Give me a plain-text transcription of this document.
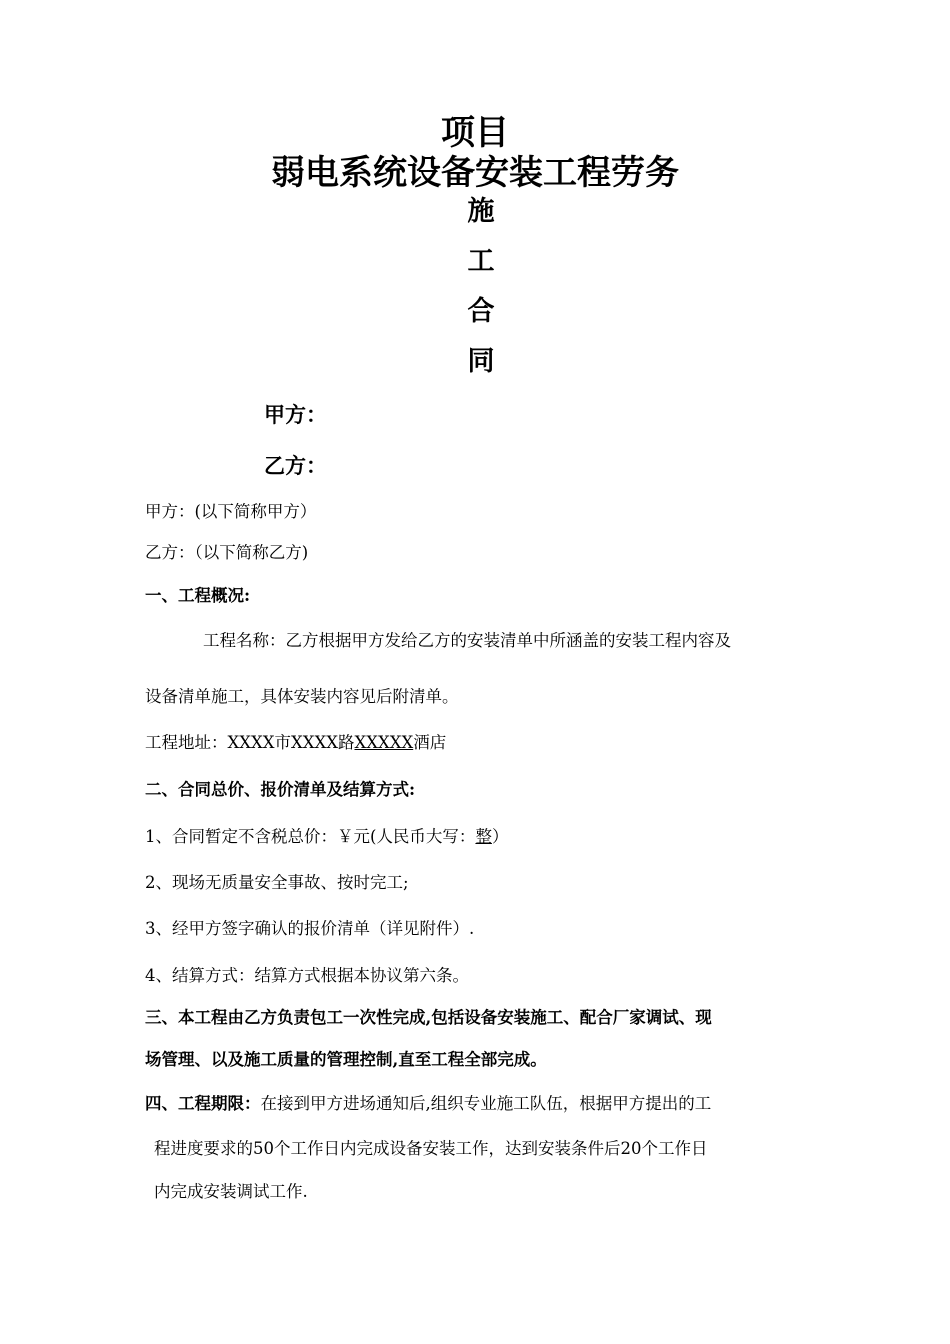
项目
弱电系统设备安装工程劳务
施
工
合
同
甲方：
乙方：
甲方：(以下简称甲方）
乙方：（以下简称乙方)
一、工程概况:
工程名称：乙方根据甲方发给乙方的安装清单中所涵盖的安装工程内容及
设备清单施工，具体安装内容见后附清单。
工程地址：XXXX市XXXX路XXXXX酒店
二、合同总价、报价清单及结算方式:
1、合同暂定不含税总价：￥元(人民币大写：整）
2、现场无质量安全事故、按时完工;
3、经甲方签字确认的报价清单（详见附件）.
4、结算方式：结算方式根据本协议第六条。
三、本工程由乙方负责包工一次性完成,包括设备安装施工、配合厂家调试、现
场管理、以及施工质量的管理控制,直至工程全部完成。
四、工程期限：在接到甲方进场通知后,组织专业施工队伍，根据甲方提出的工
程进度要求的50个工作日内完成设备安装工作，达到安装条件后20个工作日
内完成安装调试工作.
